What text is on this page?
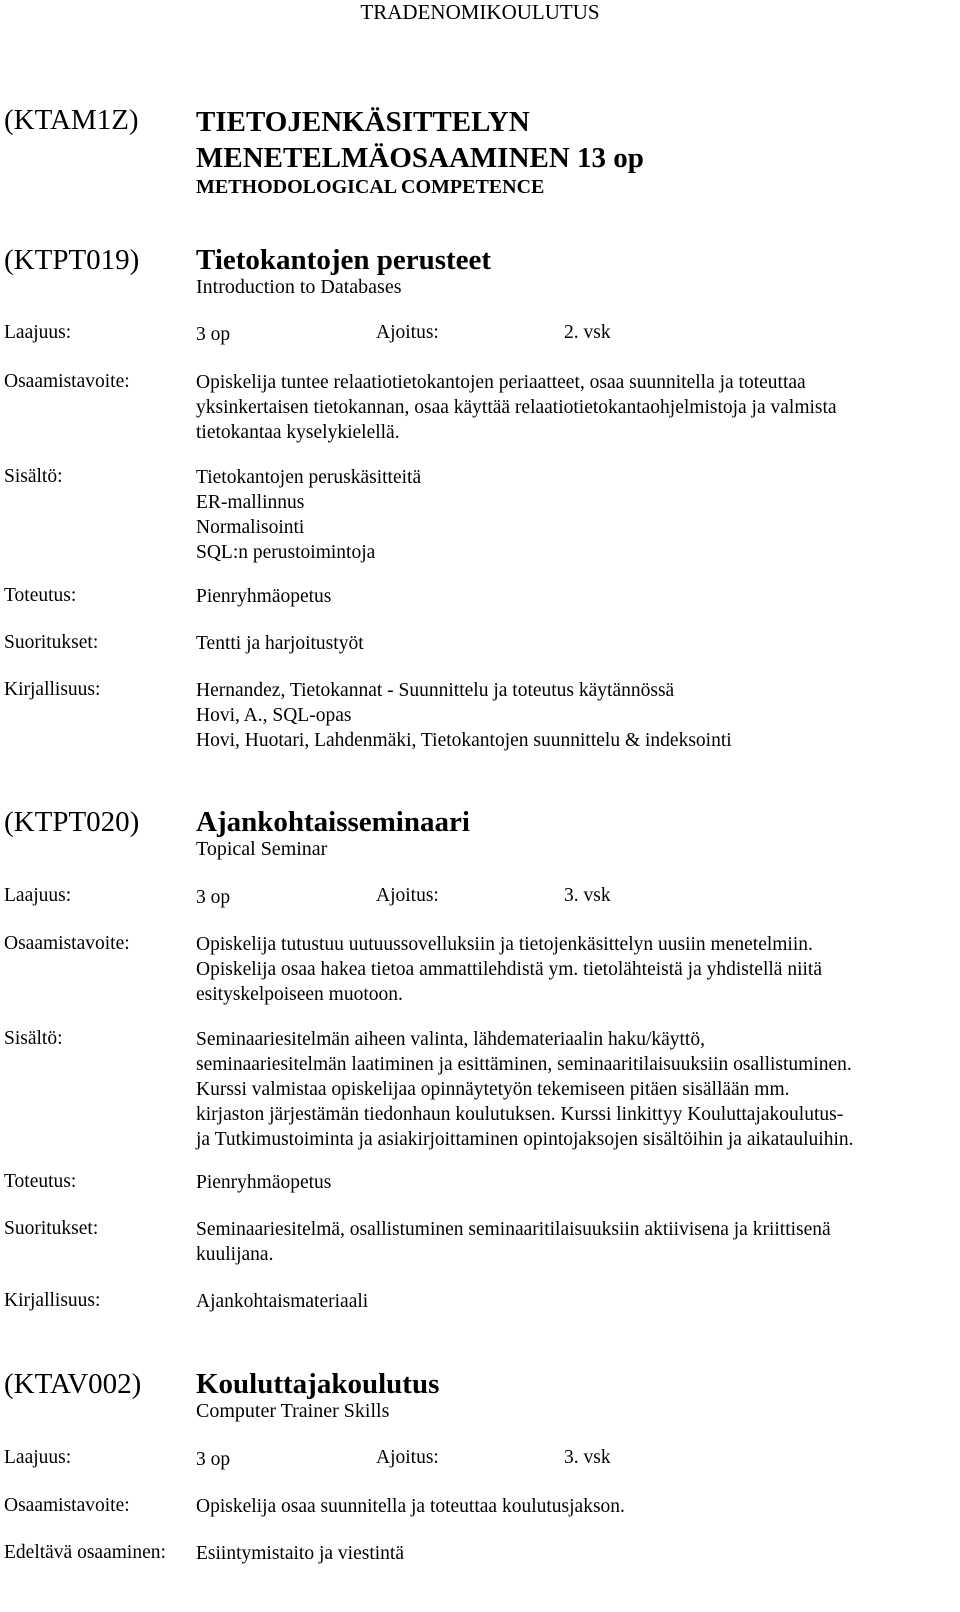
TRADENOMIKOULUTUS
(KTAM1Z) TIETOJENKÄSITTELYN
MENETELMÄOSAAMINEN 13 op
METHODOLOGICAL COMPETENCE
(KTPT019) Tietokantojen perusteet
Introduction to Databases
Laajuus:	3 op	Ajoitus:	2. vsk
Osaamistavoite:	Opiskelija tuntee relaatiotietokantojen periaatteet, osaa suunnitella ja toteuttaa
yksinkertaisen tietokannan, osaa käyttää relaatiotietokantaohjelmistoja ja valmista
tietokantaa kyselykielellä.
Sisältö:	Tietokantojen peruskäsitteitä
ER-mallinnus
Normalisointi
SQL:n perustoimintoja
Toteutus:	Pienryhmäopetus
Suoritukset:	Tentti ja harjoitustyöt
Kirjallisuus:	Hernandez, Tietokannat - Suunnittelu ja toteutus käytännössä
Hovi, A., SQL-opas
Hovi, Huotari, Lahdenmäki, Tietokantojen suunnittelu & indeksointi
(KTPT020) Ajankohtaisseminaari
Topical Seminar
Laajuus:	3 op	Ajoitus:	3. vsk
Osaamistavoite:	Opiskelija tutustuu uutuussovelluksiin ja tietojenkäsittelyn uusiin menetelmiin.
Opiskelija osaa hakea tietoa ammattilehdistä ym. tietolähteistä ja yhdistellä niitä
esityskelpoiseen muotoon.
Sisältö:	Seminaariesitelmän aiheen valinta, lähdemateriaalin haku/käyttö,
seminaariesitelmän laatiminen ja esittäminen, seminaaritilaisuuksiin osallistuminen.
Kurssi valmistaa opiskelijaa opinnäytetyön tekemiseen pitäen sisällään mm.
kirjaston järjestämän tiedonhaun koulutuksen. Kurssi linkittyy Kouluttajakoulutus-
ja Tutkimustoiminta ja asiakirjoittaminen opintojaksojen sisältöihin ja aikatauluihin.
Toteutus:	Pienryhmäopetus
Suoritukset:	Seminaariesitelmä, osallistuminen seminaaritilaisuuksiin aktiivisena ja kriittisenä
kuulijana.
Kirjallisuus:	Ajankohtaismateriaali
(KTAV002) Kouluttajakoulutus
Computer Trainer Skills
Laajuus:	3 op	Ajoitus:	3. vsk
Osaamistavoite:	Opiskelija osaa suunnitella ja toteuttaa koulutusjakson.
Edeltävä osaaminen: Esiintymistaito ja viestintä
